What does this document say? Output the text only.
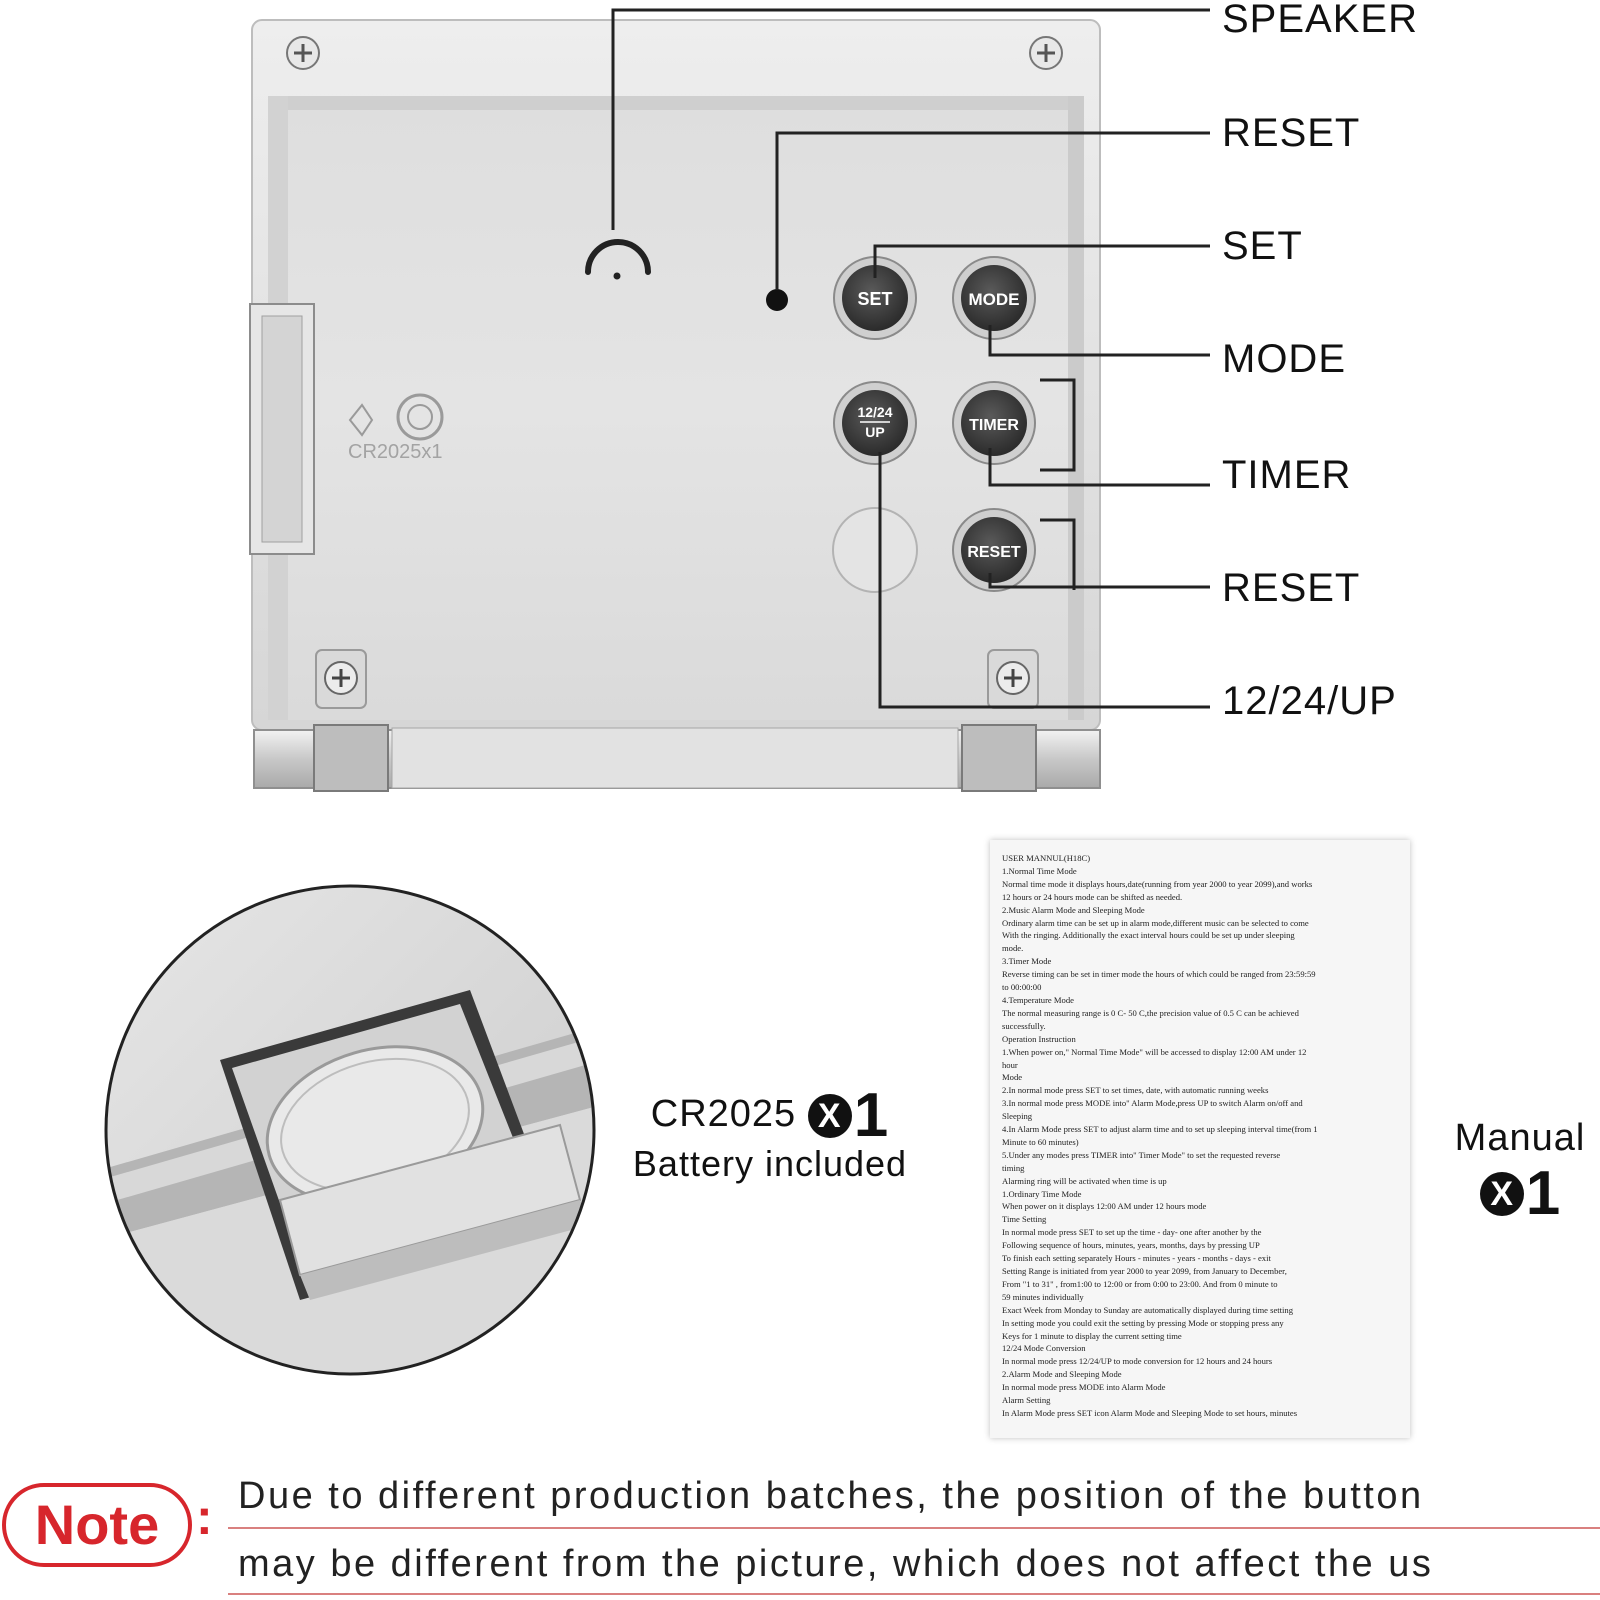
CR2025x1
SET	MODE
12/24
UP	TIMER
RESET
SPEAKER
RESET
SET
MODE
TIMER
RESET
12/24/UP
CR2025 X 1
Battery included
USER MANNUL(H18C)
1.Normal Time Mode
Normal time mode it displays hours,date(running from year 2000 to year 2099),and works
12 hours or 24 hours mode can be shifted as needed.
2.Music Alarm Mode and Sleeping Mode
Ordinary alarm time can be set up in alarm mode,different music can be selected to come
With the ringing. Additionally the exact interval hours could be set up under sleeping
mode.
3.Timer Mode
Reverse timing can be set in timer mode the hours of which could be ranged from 23:59:59
to 00:00:00
4.Temperature Mode
The normal measuring range is 0 C- 50 C,the precision value of 0.5 C can be achieved
successfully.
Operation Instruction
1.When power on," Normal Time Mode" will be accessed to display 12:00 AM under 12
hour
Mode
2.In normal mode press SET to set times, date, with automatic running weeks
3.In normal mode press MODE into" Alarm Mode,press UP to switch Alarm on/off and
Sleeping
4.In Alarm Mode press SET to adjust alarm time and to set up sleeping interval time(from 1
Minute to 60 minutes)
5.Under any modes press TIMER into" Timer Mode" to set the requested reverse
timing
Alarming ring will be activated when time is up
1.Ordinary Time Mode
When power on it displays 12:00 AM under 12 hours mode
Time Setting
In normal mode press SET to set up the time - day- one after another by the
Following sequence of hours, minutes, years, months, days by pressing UP
To finish each setting separately Hours - minutes - years - months - days - exit
Setting Range is initiated from year 2000 to year 2099, from January to December,
From "1 to 31" , from1:00 to 12:00 or from 0:00 to 23:00. And from 0 minute to
59 minutes individually
Exact Week from Monday to Sunday are automatically displayed during time setting
In setting mode you could exit the setting by pressing Mode or stopping press any
Keys for 1 minute to display the current setting time
12/24 Mode Conversion
In normal mode press 12/24/UP to mode conversion for 12 hours and 24 hours
2.Alarm Mode and Sleeping Mode
In normal mode press MODE into Alarm Mode
Alarm Setting
In Alarm Mode press SET icon Alarm Mode and Sleeping Mode to set hours, minutes
Manual
X 1
Note : Due to different production batches, the position of the button
may be different from the picture, which does not affect the us
